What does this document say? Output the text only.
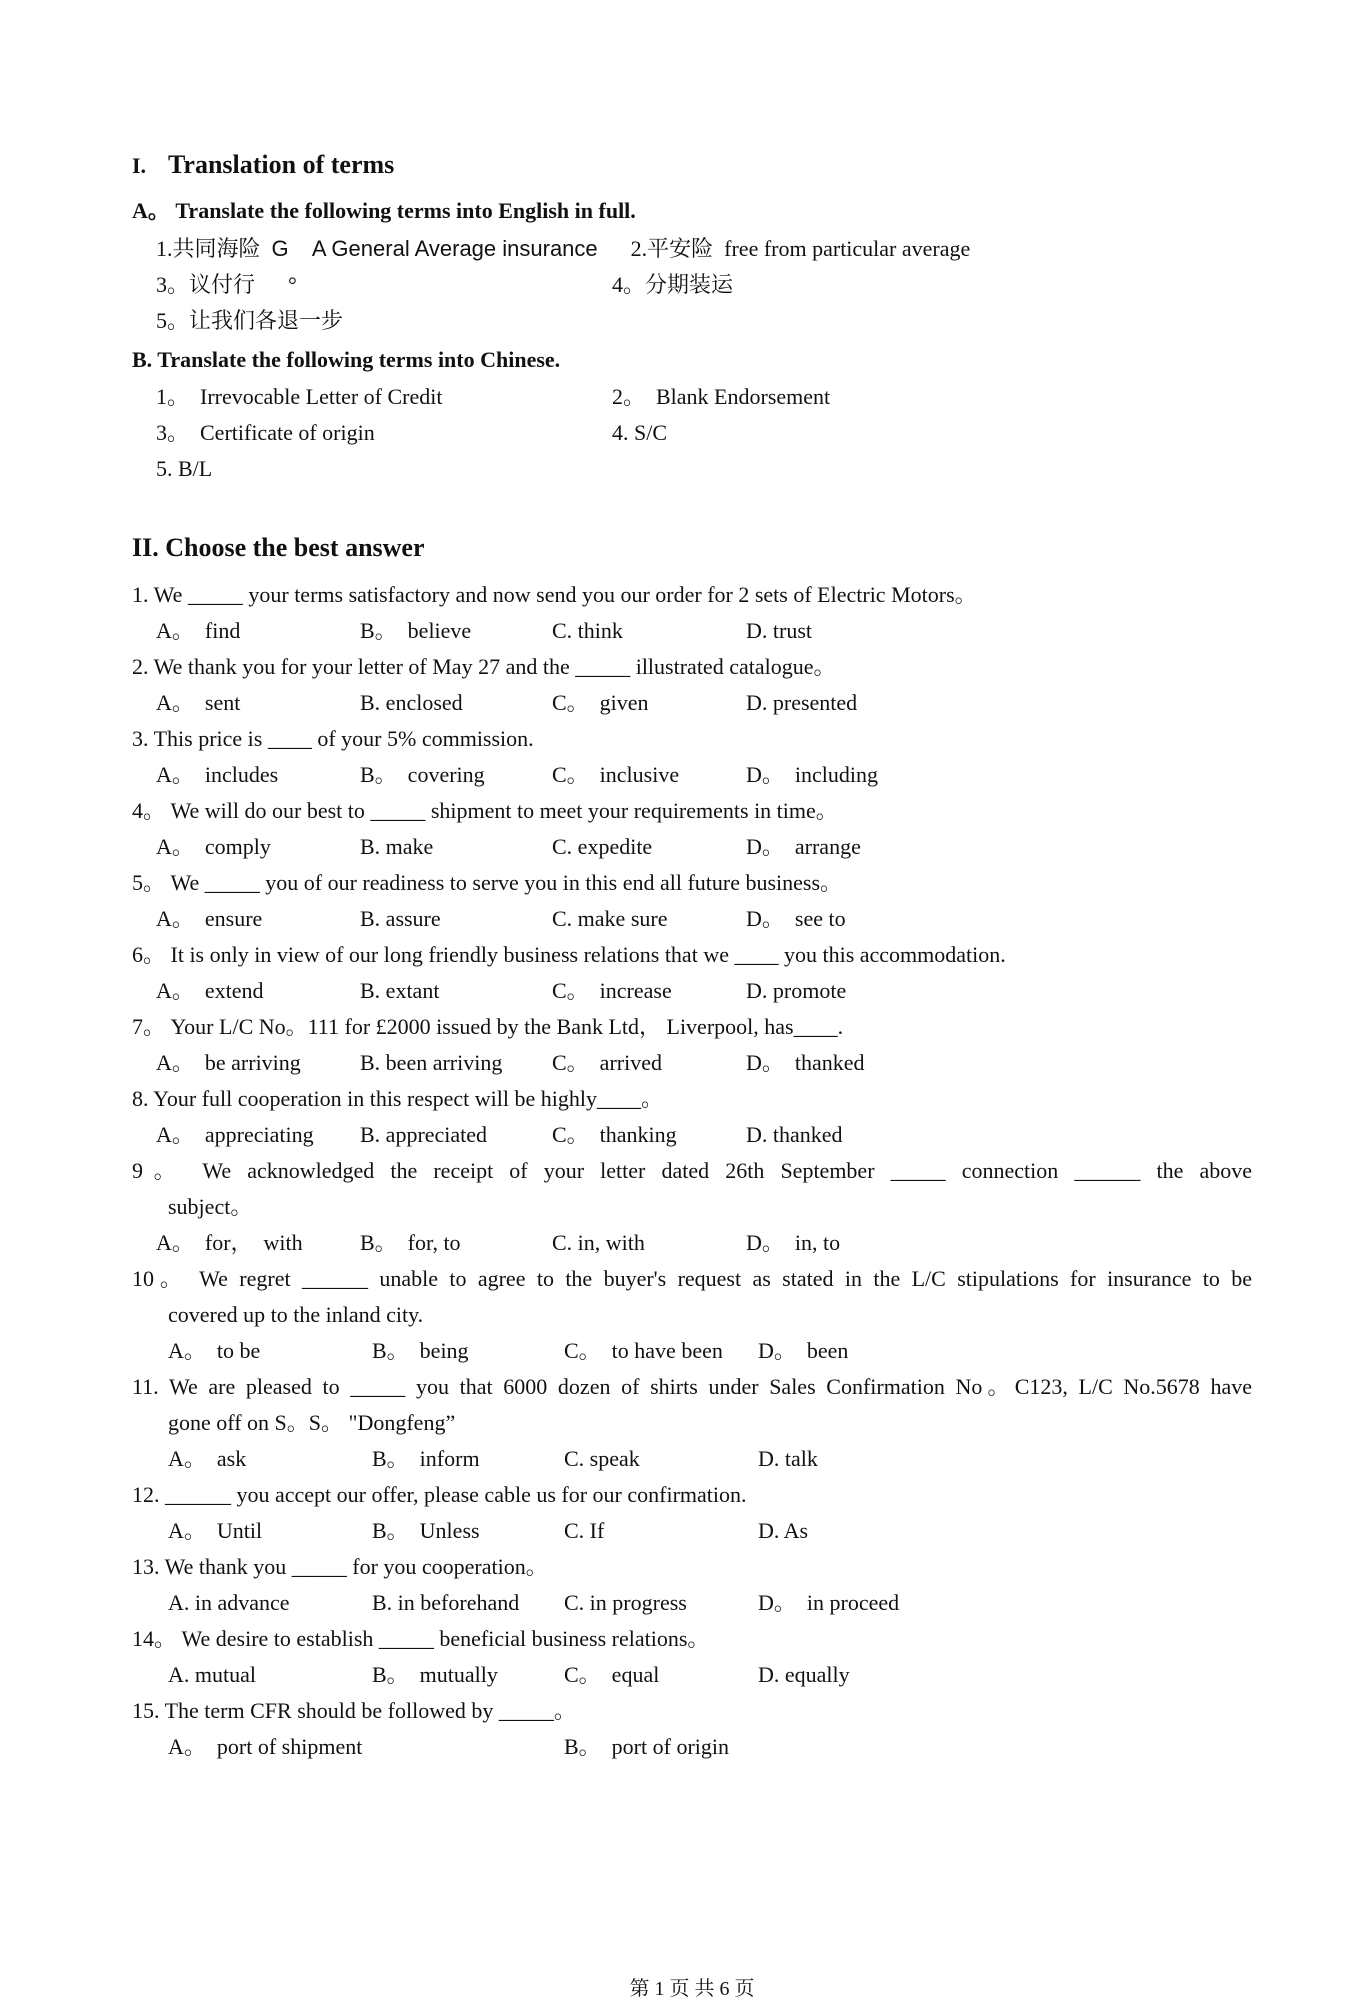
I. Translation of terms
A。 Translate the following terms into English in full.
1.共同海险 G    A General Average insurance 2.平安险  free from particular average
3。议付行      °	4。分期装运
5。让我们各退一步
B. Translate the following terms into Chinese.
1。  Irrevocable Letter of Credit	2。  Blank Endorsement
3。  Certificate of origin	4. S/C
5. B/L
II. Choose the best answer
1. We _____ your terms satisfactory and now send you our order for 2 sets of Electric Motors。
A。  find	B。  believe	C. think	D. trust
2. We thank you for your letter of May 27 and the _____ illustrated catalogue。
A。  sent	B. enclosed	C。  given	D. presented
3. This price is ____ of your 5% commission.
A。  includes	B。  covering	C。  inclusive	D。  including
4。 We will do our best to _____ shipment to meet your requirements in time。
A。  comply	B. make	C. expedite	D。  arrange
5。 We _____ you of our readiness to serve you in this end all future business。
A。  ensure	B. assure	C. make sure	D。  see to
6。 It is only in view of our long friendly business relations that we ____ you this accommodation.
A。  extend	B. extant	C。  increase	D. promote
7。 Your L/C No。111 for £2000 issued by the Bank Ltd， Liverpool, has____.
A。  be arriving	B. been arriving	C。  arrived	D。  thanked
8. Your full cooperation in this respect will be highly____。
A。  appreciating	B. appreciated	C。  thanking	D. thanked
9。 We acknowledged the receipt of your letter dated 26th September _____ connection ______ the above
subject。
A。  for，  with	B。  for, to	C. in, with	D。  in, to
10。 We regret ______ unable to agree to the buyer's request as stated in the L/C stipulations for insurance to be
covered up to the inland city.
A。  to be	B。  being	C。  to have been	D。  been
11. We are pleased to _____ you that 6000 dozen of shirts under Sales Confirmation No。C123, L/C No.5678 have
gone off on S。S。 "Dongfeng”
A。  ask	B。  inform	C. speak	D. talk
12. ______ you accept our offer, please cable us for our confirmation.
A。  Until	B。  Unless	C. If	D. As
13. We thank you _____ for you cooperation。
A. in advance	B. in beforehand	C. in progress	D。  in proceed
14。 We desire to establish _____ beneficial business relations。
A. mutual	B。  mutually	C。  equal	D. equally
15. The term CFR should be followed by _____。
A。  port of shipment	B。  port of origin
第 1 页 共 6 页
